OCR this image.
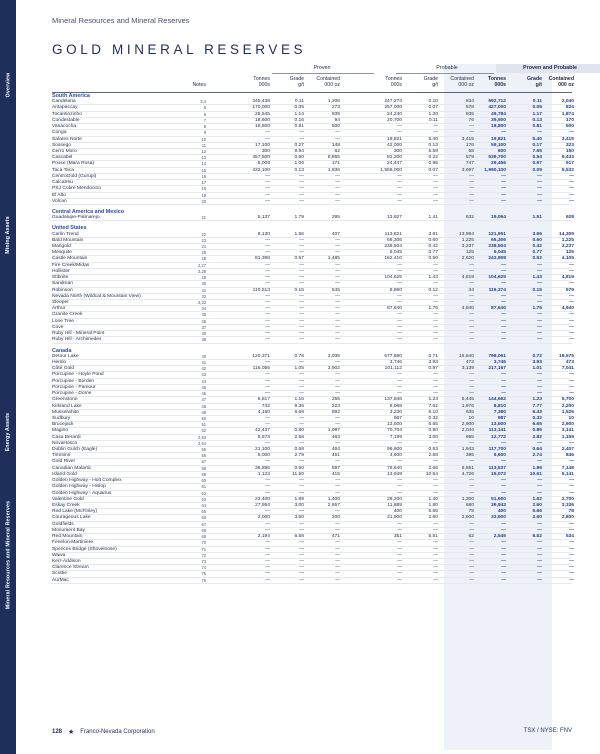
Overview
Mining Assets
Energy Assets
Mineral Resources and Mineral Reserves
Mineral Resources and Mineral Reserves
GOLD MINERAL RESERVES
Proven	Probable	Proven and Probable
Notes
Tonnes
000s
Grade
g/t
Contained
000 oz
Tonnes
000s
Grade
g/t
Contained
000 oz
Tonnes
000s
Grade
g/t
Contained
000 oz
South America
Candelaria	3,4	345,438	0.11	1,206	247,274	0.10	834	592,712	0.11	2,040
Antapaccay	5	170,000	0.05	273	257,000	0.07	578	427,000	0.06	824
Tocantinzinho	6	25,545	1.14	939	24,240	1.20	935	49,784	1.17	1,874
Condestable	7	18,600	0.16	94	20,700	0.11	76	39,500	0.13	170
Vanacocha	8	18,800	0.81	500	—	—	—	18,800	0.81	500
Conga	9	—	—	—	—	—	—	—	—	—
Salares Norte	10	—	—	—	19,821	5.40	3,415	19,821	5.40	3,415
Sossego	11	17,100	0.27	148	42,000	0.13	176	59,100	0.17	323
Cerro Moro	12	300	9.94	62	300	5.59	58	600	7.65	150
Cascabel	13	457,500	0.60	8,855	82,200	0.22	579	539,700	0.54	9,433
Posse (Mara Rosa)	14	5,009	1.06	171	24,447	0.95	747	29,456	0.97	917
Taca Taca	15	432,100	0.13	1,836	1,558,000	0.07	3,697	1,990,100	0.09	5,532
CentroGold (Gurupi)	16	—	—	—	—	—	—	—	—	—
Calcatreu	17	—	—	—	—	—	—	—	—	—
PSJ Cobre Mendocino	18	—	—	—	—	—	—	—	—	—
El Alto	19	—	—	—	—	—	—	—	—	—
Volcan	20	—	—	—	—	—	—	—	—	—
Central America and Mexico
Guadalupe-Palmarejo	21	5,137	1.79	295	13,927	1.41	632	19,064	1.51	928
United States
Carlin Trend	22	8,130	1.56	407	113,821	3.81	13,984	121,951	3.66	14,309
Bald Mountain	23	—	—	—	66,306	0.60	1,225	66,306	0.60	1,225
Marigold	24	—	—	—	238,504	0.42	3,237	238,504	0.42	3,237
Mesquite	25	—	—	—	5,045	0.77	125	5,045	0.77	125
Castle Mountain	26	81,398	0.57	1,485	162,410	0.50	2,620	243,808	0.52	4,105
Fire Creek/Midas	2,27	—	—	—	—	—	—	—	—	—
Hollister	2,28	—	—	—	—	—	—	—	—	—
Stibnite	29	—	—	—	104,625	1.43	4,819	104,625	1.43	4,819
Sandman	30	—	—	—	—	—	—	—	—	—
Robinson	31	110,513	0.15	545	8,860	0.12	34	119,374	0.15	579
Nevada North (Wildcat & Mountain View)	32	—	—	—	—	—	—	—	—	—
Sleeper	2,33	—	—	—	—	—	—	—	—	—
Arthur	34	—	—	—	87,640	1.75	4,940	87,640	1.75	4,940
Granite Creek	35	—	—	—	—	—	—	—	—	—
Lone Tree	36	—	—	—	—	—	—	—	—	—
Cove	37	—	—	—	—	—	—	—	—	—
Ruby Hill - Mineral Point	38	—	—	—	—	—	—	—	—	—
Ruby Hill - Archimedes	39	—	—	—	—	—	—	—	—	—
Canada
Detour Lake	40	120,371	0.78	3,035	677,690	0.71	15,540	798,061	0.72	18,575
Hemlo	41	—	—	—	3,746	3.93	473	3,746	3.93	473
Côté Gold	42	116,055	1.05	3,902	101,112	0.97	3,139	217,167	1.01	7,041
Porcupine - Hoyle Pond	43	—	—	—	—	—	—	—	—	—
Porcupine - Borden	44	—	—	—	—	—	—	—	—	—
Porcupine - Pamour	45	—	—	—	—	—	—	—	—	—
Porcupine - Dome	46	—	—	—	—	—	—	—	—	—
Greenstone	47	6,817	1.16	255	137,846	1.23	5,445	144,662	1.23	5,700
Kirkland Lake	48	742	9.36	223	8,068	7.62	1,976	8,810	7.77	2,200
Musselwhite	49	4,150	6.69	892	3,230	6.10	635	7,380	6.43	1,526
Sudbury	50	—	—	—	987	0.32	10	987	0.32	10
Brucejack	51	—	—	—	13,500	6.65	2,900	13,500	6.65	2,900
Magino	52	42,437	0.80	1,097	70,704	0.90	2,044	113,141	0.86	3,141
Casa Berardi	2,53	5,573	2.58	463	7,199	3.00	695	12,772	2.82	1,159
NovaHosco	2,54	—	—	—	—	—	—	—	—	—
Dublin Gulch (Eagle)	55	21,100	0.68	464	96,600	0.63	1,943	117,700	0.64	2,407
Timmins	56	5,000	2.79	451	4,600	2.68	395	9,600	2.74	846
Gold River	57	—	—	—	—	—	—	—	—	—
Canadian Malartic	58	36,896	0.50	597	76,640	2.66	6,551	113,537	1.96	7,148
Island Gold	59	1,123	11.50	415	13,949	10.54	4,726	15,072	10.61	5,141
Golden Highway - Holt Complex	60	—	—	—	—	—	—	—	—	—
Golden Highway - Hislop	61	—	—	—	—	—	—	—	—	—
Golden Highway - Aquarius	62	—	—	—	—	—	—	—	—	—
Valentine Gold	63	23,400	1.89	1,400	28,200	1.40	1,300	51,600	1.62	2,700
Eskay Creek	64	27,954	3.00	2,657	11,889	1.80	680	39,843	2.60	3,336
Red Lake (McFinley)	65	—	—	—	400	5.66	78	400	5.66	78
Courageous Lake	66	2,000	3.50	200	31,900	2.60	2,600	33,900	2.60	2,800
Goldfields	67	—	—	—	—	—	—	—	—	—
Monument Bay	68	—	—	—	—	—	—	—	—	—
Red Mountain	69	2,194	6.68	471	351	5.51	62	2,545	6.52	534
Fenelon-Martiniere	70	—	—	—	—	—	—	—	—	—
Spences Bridge (Shovelnose)	71	—	—	—	—	—	—	—	—	—
Wawa	72	—	—	—	—	—	—	—	—	—
Kerr-Addison	73	—	—	—	—	—	—	—	—	—
Clarence Stream	74	—	—	—	—	—	—	—	—	—
Scottie	75	—	—	—	—	—	—	—	—	—
AurMac	76	—	—	—	—	—	—	—	—	—
128 ★ Franco-Nevada Corporation	TSX / NYSE: FNV
